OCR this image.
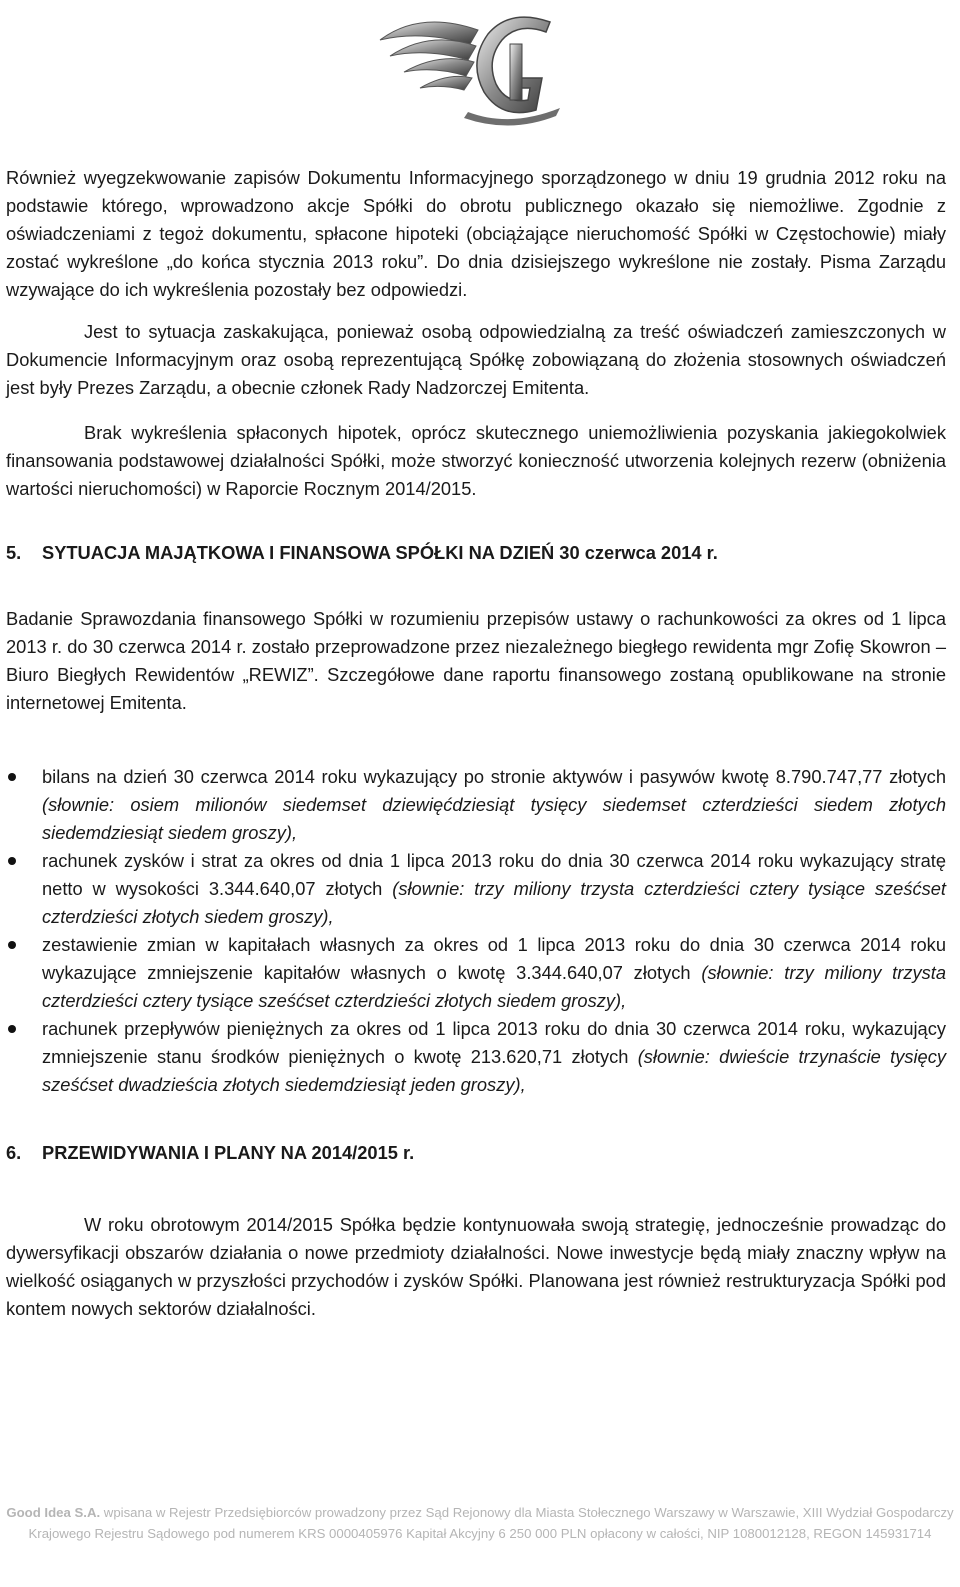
Również wyegzekwowanie zapisów Dokumentu Informacyjnego sporządzonego w dniu 19 grudnia 2012 roku na podstawie którego, wprowadzono akcje Spółki do obrotu publicznego okazało się niemożliwe. Zgodnie z oświadczeniami z tegoż dokumentu, spłacone hipoteki (obciążające nieruchomość Spółki w Częstochowie) miały zostać wykreślone „do końca stycznia 2013 roku”. Do dnia dzisiejszego wykreślone nie zostały. Pisma Zarządu wzywające do ich wykreślenia pozostały bez odpowiedzi.

Jest to sytuacja zaskakująca, ponieważ osobą odpowiedzialną za treść oświadczeń zamieszczonych w Dokumencie Informacyjnym oraz osobą reprezentującą Spółkę zobowiązaną do złożenia stosownych oświadczeń jest były Prezes Zarządu, a obecnie członek Rady Nadzorczej Emitenta.

Brak wykreślenia spłaconych hipotek, oprócz skutecznego uniemożliwienia pozyskania jakiegokolwiek finansowania podstawowej działalności Spółki, może stworzyć konieczność utworzenia kolejnych rezerw (obniżenia wartości nieruchomości) w Raporcie Rocznym 2014/2015.

5. SYTUACJA MAJĄTKOWA I FINANSOWA SPÓŁKI NA DZIEŃ 30 czerwca 2014 r.

Badanie Sprawozdania finansowego Spółki w rozumieniu przepisów ustawy o rachunkowości za okres od 1 lipca 2013 r. do 30 czerwca 2014 r. zostało przeprowadzone przez niezależnego biegłego rewidenta mgr Zofię Skowron – Biuro Biegłych Rewidentów „REWIZ”. Szczegółowe dane raportu finansowego zostaną opublikowane na stronie internetowej Emitenta.

bilans na dzień 30 czerwca 2014 roku wykazujący po stronie aktywów i pasywów kwotę 8.790.747,77 złotych (słownie: osiem milionów siedemset dziewięćdziesiąt tysięcy siedemset czterdzieści siedem złotych siedemdziesiąt siedem groszy),
rachunek zysków i strat za okres od dnia 1 lipca 2013 roku do dnia 30 czerwca 2014 roku wykazujący stratę netto w wysokości 3.344.640,07 złotych (słownie: trzy miliony trzysta czterdzieści cztery tysiące sześćset czterdzieści złotych siedem groszy),
zestawienie zmian w kapitałach własnych za okres od 1 lipca 2013 roku do dnia 30 czerwca 2014 roku wykazujące zmniejszenie kapitałów własnych o kwotę 3.344.640,07 złotych (słownie: trzy miliony trzysta czterdzieści cztery tysiące sześćset czterdzieści złotych siedem groszy),
rachunek przepływów pieniężnych za okres od 1 lipca 2013 roku do dnia 30 czerwca 2014 roku, wykazujący zmniejszenie stanu środków pieniężnych o kwotę 213.620,71 złotych (słownie: dwieście trzynaście tysięcy sześćset dwadzieścia złotych siedemdziesiąt jeden groszy),
6. PRZEWIDYWANIA I PLANY NA 2014/2015 r.

W roku obrotowym 2014/2015 Spółka będzie kontynuowała swoją strategię, jednocześnie prowadząc do dywersyfikacji obszarów działania o nowe przedmioty działalności. Nowe inwestycje będą miały znaczny wpływ na wielkość osiąganych w przyszłości przychodów i zysków Spółki. Planowana jest również restrukturyzacja Spółki pod kontem nowych sektorów działalności.

Good Idea S.A. wpisana w Rejestr Przedsiębiorców prowadzony przez Sąd Rejonowy dla Miasta Stołecznego Warszawy w Warszawie, XIII Wydział Gospodarczy Krajowego Rejestru Sądowego pod numerem KRS 0000405976 Kapitał Akcyjny 6 250 000 PLN opłacony w całości, NIP 1080012128, REGON 145931714
